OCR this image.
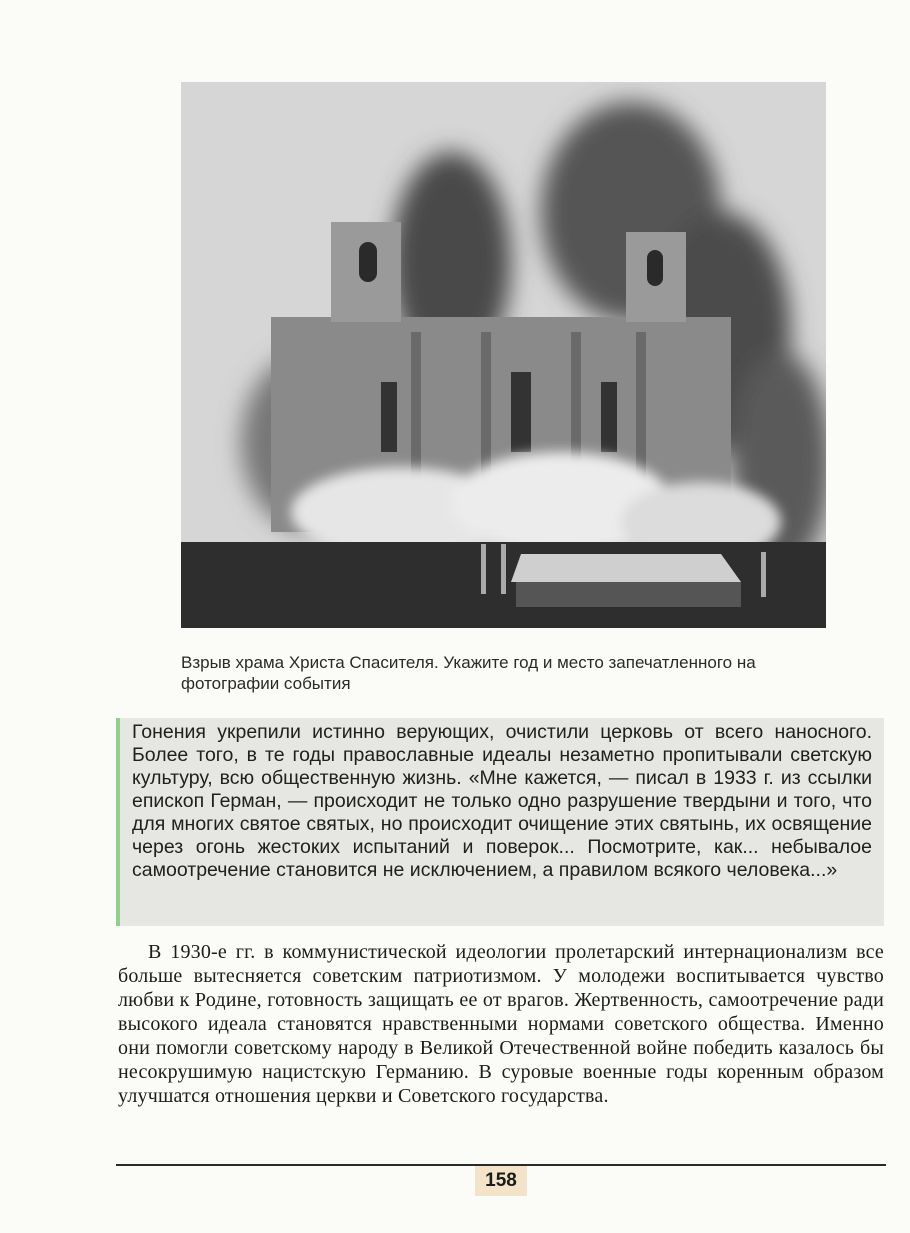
Взрыв храма Христа Спасителя. Укажите год и место запечатленного на фотографии события

Гонения укрепили истинно верующих, очистили церковь от всего наносного. Более того, в те годы православные идеалы незаметно пропитывали светскую культуру, всю общественную жизнь. «Мне кажется, — писал в 1933 г. из ссылки епископ Герман, — происходит не только одно разрушение твердыни и того, что для многих святое святых, но происходит очищение этих святынь, их освящение через огонь жестоких испытаний и поверок... Посмотрите, как... небывалое самоотречение становится не исключением, а правилом всякого человека...»

В 1930-е гг. в коммунистической идеологии пролетарский интернационализм все больше вытесняется советским патриотизмом. У молодежи воспитывается чувство любви к Родине, готовность защищать ее от врагов. Жертвенность, самоотречение ради высокого идеала становятся нравственными нормами советского общества. Именно они помогли советскому народу в Великой Отечественной войне победить казалось бы несокрушимую нацистскую Германию. В суровые военные годы коренным образом улучшатся отношения церкви и Советского государства.

158
